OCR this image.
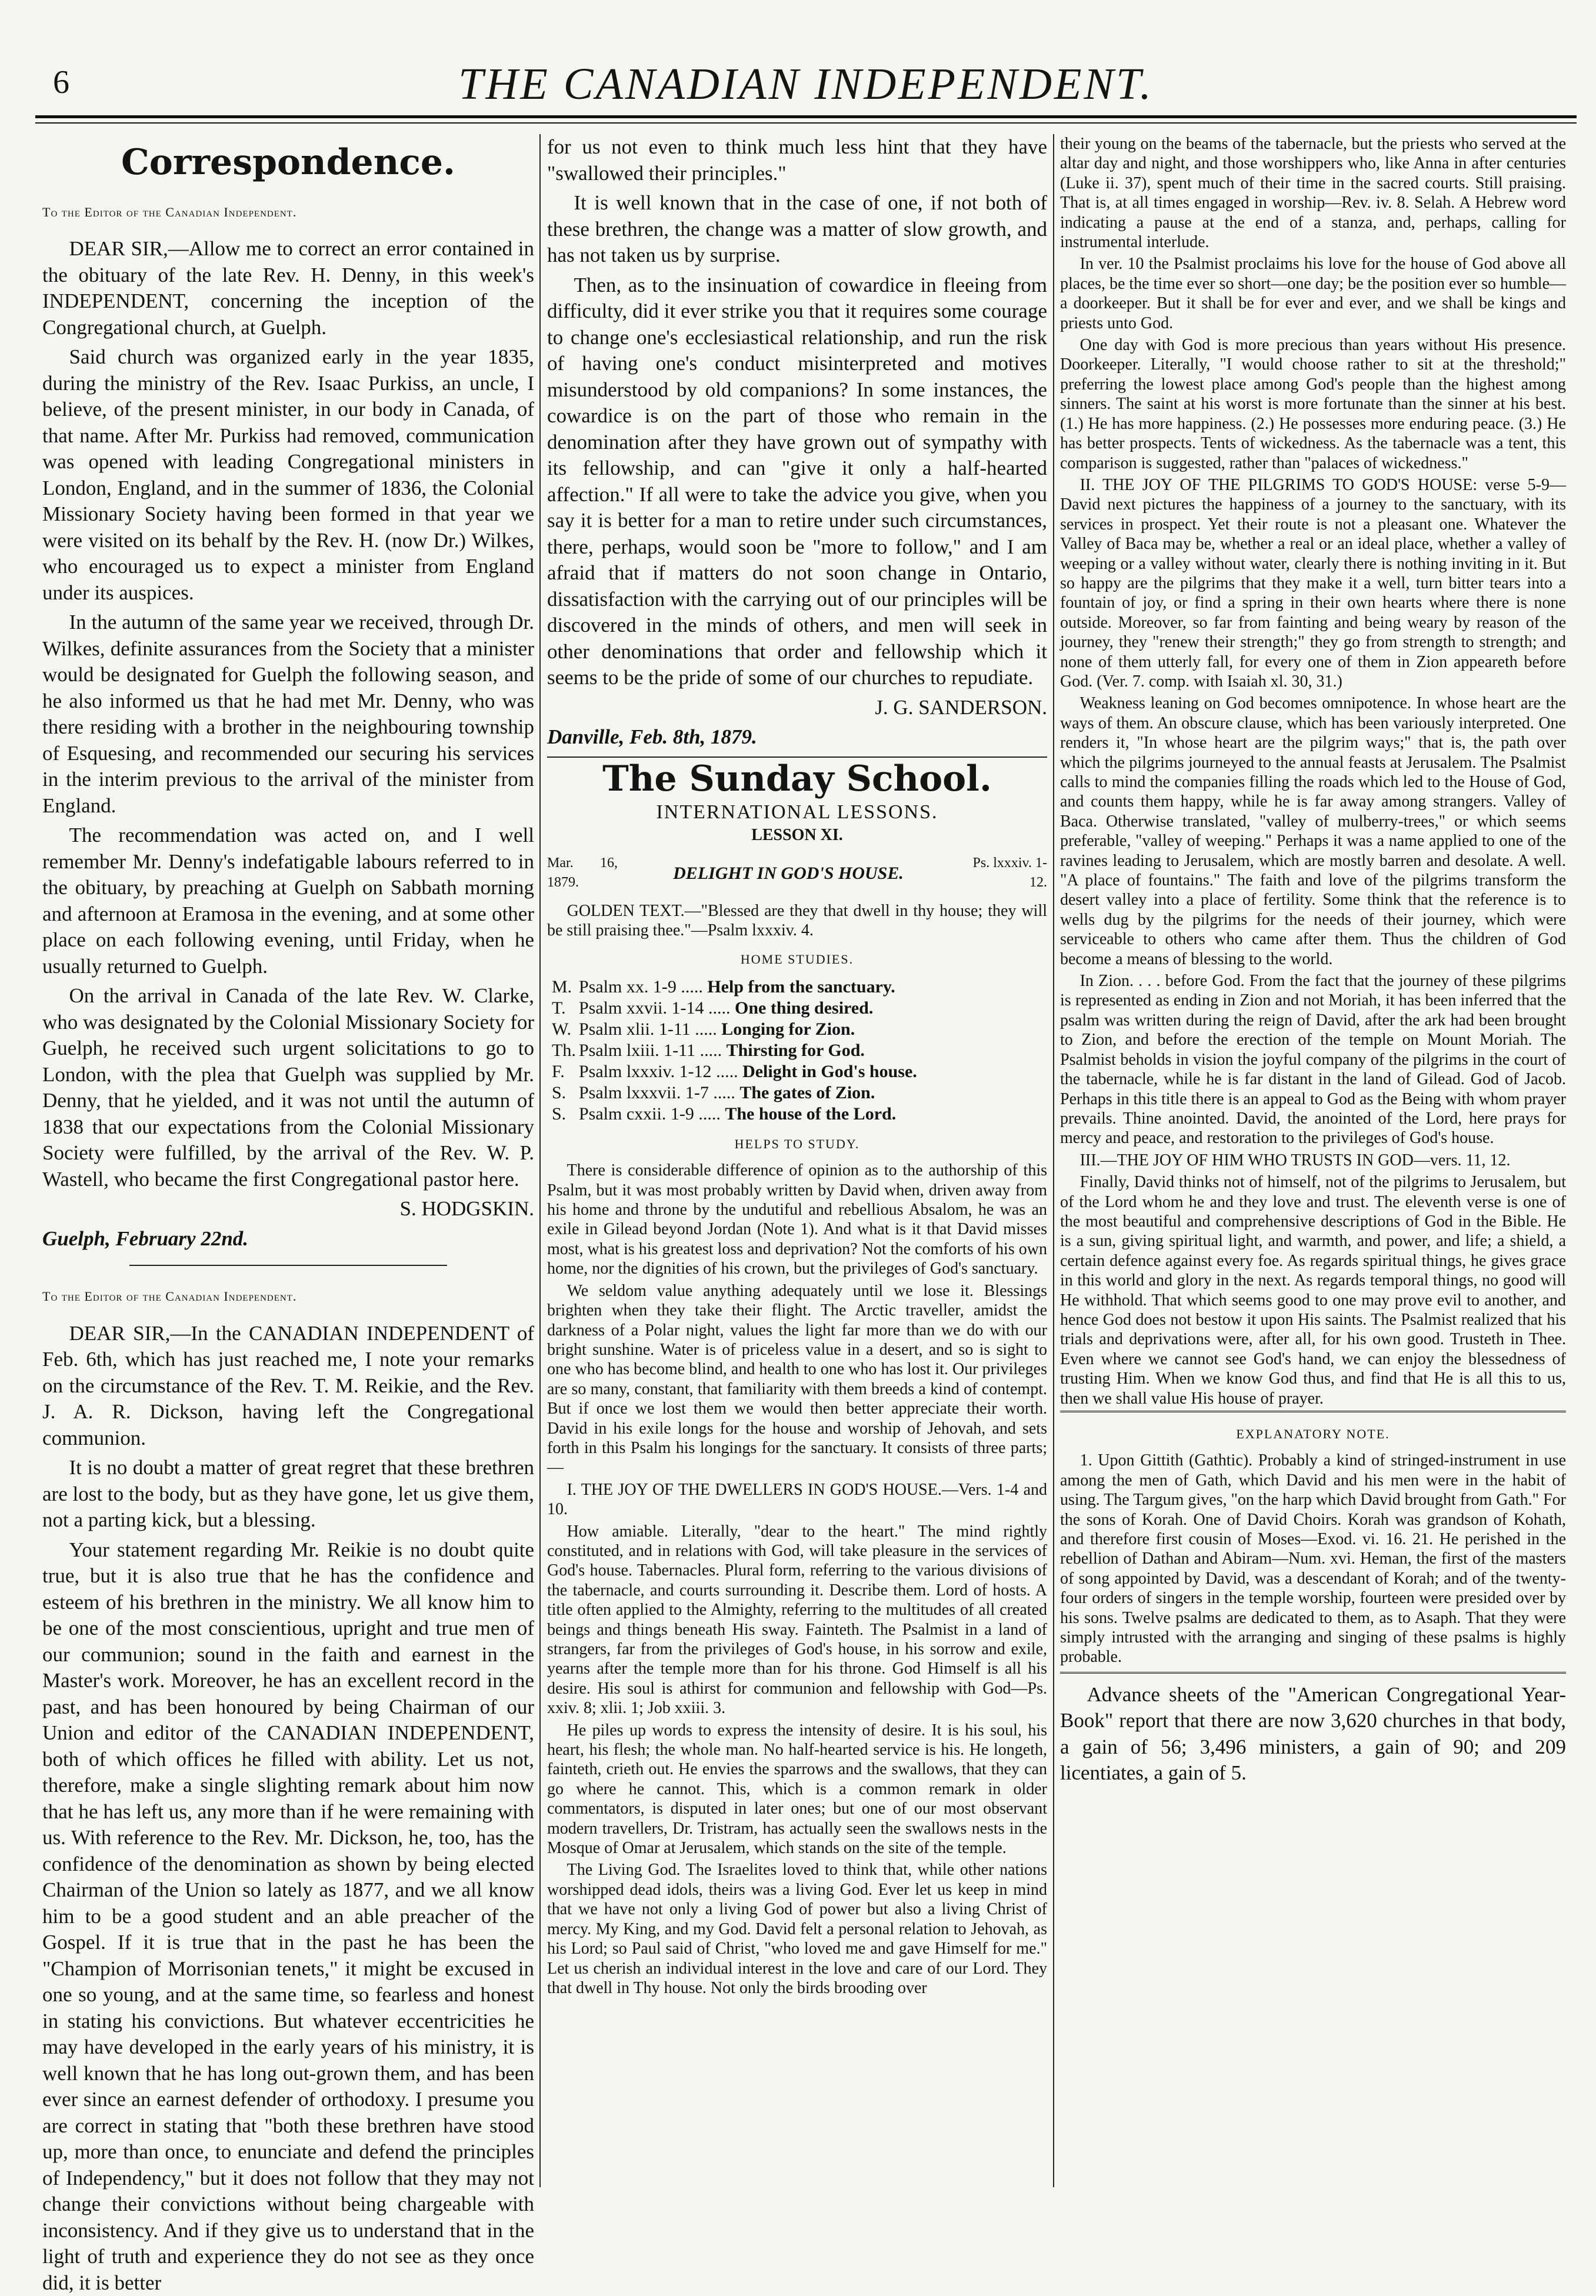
6	THE CANADIAN INDEPENDENT.
Correspondence.
To the Editor of the Canadian Independent.

DEAR SIR,—Allow me to correct an error contained in the obituary of the late Rev. H. Denny, in this week's INDEPENDENT, concerning the inception of the Congregational church, at Guelph.

Said church was organized early in the year 1835, during the ministry of the Rev. Isaac Purkiss, an uncle, I believe, of the present minister, in our body in Canada, of that name. After Mr. Purkiss had removed, communication was opened with leading Congregational ministers in London, England, and in the summer of 1836, the Colonial Missionary Society having been formed in that year we were visited on its behalf by the Rev. H. (now Dr.) Wilkes, who encouraged us to expect a minister from England under its auspices.

In the autumn of the same year we received, through Dr. Wilkes, definite assurances from the Society that a minister would be designated for Guelph the following season, and he also informed us that he had met Mr. Denny, who was there residing with a brother in the neighbouring township of Esquesing, and recommended our securing his services in the interim previous to the arrival of the minister from England.

The recommendation was acted on, and I well remember Mr. Denny's indefatigable labours referred to in the obituary, by preaching at Guelph on Sabbath morning and afternoon at Eramosa in the evening, and at some other place on each following evening, until Friday, when he usually returned to Guelph.

On the arrival in Canada of the late Rev. W. Clarke, who was designated by the Colonial Missionary Society for Guelph, he received such urgent solicitations to go to London, with the plea that Guelph was supplied by Mr. Denny, that he yielded, and it was not until the autumn of 1838 that our expectations from the Colonial Missionary Society were fulfilled, by the arrival of the Rev. W. P. Wastell, who became the first Congregational pastor here.

S. HODGSKIN.

Guelph, February 22nd.

To the Editor of the Canadian Independent.

DEAR SIR,—In the CANADIAN INDEPENDENT of Feb. 6th, which has just reached me, I note your remarks on the circumstance of the Rev. T. M. Reikie, and the Rev. J. A. R. Dickson, having left the Congregational communion.

It is no doubt a matter of great regret that these brethren are lost to the body, but as they have gone, let us give them, not a parting kick, but a blessing.

Your statement regarding Mr. Reikie is no doubt quite true, but it is also true that he has the confidence and esteem of his brethren in the ministry. We all know him to be one of the most conscientious, upright and true men of our communion; sound in the faith and earnest in the Master's work. Moreover, he has an excellent record in the past, and has been honoured by being Chairman of our Union and editor of the CANADIAN INDEPENDENT, both of which offices he filled with ability. Let us not, therefore, make a single slighting remark about him now that he has left us, any more than if he were remaining with us. With reference to the Rev. Mr. Dickson, he, too, has the confidence of the denomination as shown by being elected Chairman of the Union so lately as 1877, and we all know him to be a good student and an able preacher of the Gospel. If it is true that in the past he has been the "Champion of Morrisonian tenets," it might be excused in one so young, and at the same time, so fearless and honest in stating his convictions. But whatever eccentricities he may have developed in the early years of his ministry, it is well known that he has long out-grown them, and has been ever since an earnest defender of orthodoxy. I presume you are correct in stating that "both these brethren have stood up, more than once, to enunciate and defend the principles of Independency," but it does not follow that they may not change their convictions without being chargeable with inconsistency. And if they give us to understand that in the light of truth and experience they do not see as they once did, it is better

for us not even to think much less hint that they have "swallowed their principles."

It is well known that in the case of one, if not both of these brethren, the change was a matter of slow growth, and has not taken us by surprise.

Then, as to the insinuation of cowardice in fleeing from difficulty, did it ever strike you that it requires some courage to change one's ecclesiastical relationship, and run the risk of having one's conduct misinterpreted and motives misunderstood by old companions? In some instances, the cowardice is on the part of those who remain in the denomination after they have grown out of sympathy with its fellowship, and can "give it only a half-hearted affection." If all were to take the advice you give, when you say it is better for a man to retire under such circumstances, there, perhaps, would soon be "more to follow," and I am afraid that if matters do not soon change in Ontario, dissatisfaction with the carrying out of our principles will be discovered in the minds of others, and men will seek in other denominations that order and fellowship which it seems to be the pride of some of our churches to repudiate.

J. G. SANDERSON.

Danville, Feb. 8th, 1879.

The Sunday School.
INTERNATIONAL LESSONS.
LESSON XI.
Mar. 16, 1879.	DELIGHT IN GOD'S HOUSE.
Ps. lxxxiv. 1-12.

GOLDEN TEXT.—"Blessed are they that dwell in thy house; they will be still praising thee."—Psalm lxxxiv. 4.

HOME STUDIES.
M. Psalm xx. 1-9 ..... Help from the sanctuary.
T. Psalm xxvii. 1-14 ..... One thing desired.
W. Psalm xlii. 1-11 ..... Longing for Zion.
Th. Psalm lxiii. 1-11 ..... Thirsting for God.
F. Psalm lxxxiv. 1-12 ..... Delight in God's house.
S. Psalm lxxxvii. 1-7 ..... The gates of Zion.
S. Psalm cxxii. 1-9 ..... The house of the Lord.
HELPS TO STUDY.

There is considerable difference of opinion as to the authorship of this Psalm, but it was most probably written by David when, driven away from his home and throne by the undutiful and rebellious Absalom, he was an exile in Gilead beyond Jordan (Note 1). And what is it that David misses most, what is his greatest loss and deprivation? Not the comforts of his own home, nor the dignities of his crown, but the privileges of God's sanctuary.

We seldom value anything adequately until we lose it. Blessings brighten when they take their flight. The Arctic traveller, amidst the darkness of a Polar night, values the light far more than we do with our bright sunshine. Water is of priceless value in a desert, and so is sight to one who has become blind, and health to one who has lost it. Our privileges are so many, constant, that familiarity with them breeds a kind of contempt. But if once we lost them we would then better appreciate their worth. David in his exile longs for the house and worship of Jehovah, and sets forth in this Psalm his longings for the sanctuary. It consists of three parts;—

I. THE JOY OF THE DWELLERS IN GOD'S HOUSE.—Vers. 1-4 and 10.

How amiable. Literally, "dear to the heart." The mind rightly constituted, and in relations with God, will take pleasure in the services of God's house. Tabernacles. Plural form, referring to the various divisions of the tabernacle, and courts surrounding it. Describe them. Lord of hosts. A title often applied to the Almighty, referring to the multitudes of all created beings and things beneath His sway. Fainteth. The Psalmist in a land of strangers, far from the privileges of God's house, in his sorrow and exile, yearns after the temple more than for his throne. God Himself is all his desire. His soul is athirst for communion and fellowship with God—Ps. xxiv. 8; xlii. 1; Job xxiii. 3.

He piles up words to express the intensity of desire. It is his soul, his heart, his flesh; the whole man. No half-hearted service is his. He longeth, fainteth, crieth out. He envies the sparrows and the swallows, that they can go where he cannot. This, which is a common remark in older commentators, is disputed in later ones; but one of our most observant modern travellers, Dr. Tristram, has actually seen the swallows nests in the Mosque of Omar at Jerusalem, which stands on the site of the temple.

The Living God. The Israelites loved to think that, while other nations worshipped dead idols, theirs was a living God. Ever let us keep in mind that we have not only a living God of power but also a living Christ of mercy. My King, and my God. David felt a personal relation to Jehovah, as his Lord; so Paul said of Christ, "who loved me and gave Himself for me." Let us cherish an individual interest in the love and care of our Lord. They that dwell in Thy house. Not only the birds brooding over

their young on the beams of the tabernacle, but the priests who served at the altar day and night, and those worshippers who, like Anna in after centuries (Luke ii. 37), spent much of their time in the sacred courts. Still praising. That is, at all times engaged in worship—Rev. iv. 8. Selah. A Hebrew word indicating a pause at the end of a stanza, and, perhaps, calling for instrumental interlude.

In ver. 10 the Psalmist proclaims his love for the house of God above all places, be the time ever so short—one day; be the position ever so humble—a doorkeeper. But it shall be for ever and ever, and we shall be kings and priests unto God.

One day with God is more precious than years without His presence. Doorkeeper. Literally, "I would choose rather to sit at the threshold;" preferring the lowest place among God's people than the highest among sinners. The saint at his worst is more fortunate than the sinner at his best. (1.) He has more happiness. (2.) He possesses more enduring peace. (3.) He has better prospects. Tents of wickedness. As the tabernacle was a tent, this comparison is suggested, rather than "palaces of wickedness."

II. THE JOY OF THE PILGRIMS TO GOD'S HOUSE: verse 5-9—David next pictures the happiness of a journey to the sanctuary, with its services in prospect. Yet their route is not a pleasant one. Whatever the Valley of Baca may be, whether a real or an ideal place, whether a valley of weeping or a valley without water, clearly there is nothing inviting in it. But so happy are the pilgrims that they make it a well, turn bitter tears into a fountain of joy, or find a spring in their own hearts where there is none outside. Moreover, so far from fainting and being weary by reason of the journey, they "renew their strength;" they go from strength to strength; and none of them utterly fall, for every one of them in Zion appeareth before God. (Ver. 7. comp. with Isaiah xl. 30, 31.)

Weakness leaning on God becomes omnipotence. In whose heart are the ways of them. An obscure clause, which has been variously interpreted. One renders it, "In whose heart are the pilgrim ways;" that is, the path over which the pilgrims journeyed to the annual feasts at Jerusalem. The Psalmist calls to mind the companies filling the roads which led to the House of God, and counts them happy, while he is far away among strangers. Valley of Baca. Otherwise translated, "valley of mulberry-trees," or which seems preferable, "valley of weeping." Perhaps it was a name applied to one of the ravines leading to Jerusalem, which are mostly barren and desolate. A well. "A place of fountains." The faith and love of the pilgrims transform the desert valley into a place of fertility. Some think that the reference is to wells dug by the pilgrims for the needs of their journey, which were serviceable to others who came after them. Thus the children of God become a means of blessing to the world.

In Zion. . . . before God. From the fact that the journey of these pilgrims is represented as ending in Zion and not Moriah, it has been inferred that the psalm was written during the reign of David, after the ark had been brought to Zion, and before the erection of the temple on Mount Moriah. The Psalmist beholds in vision the joyful company of the pilgrims in the court of the tabernacle, while he is far distant in the land of Gilead. God of Jacob. Perhaps in this title there is an appeal to God as the Being with whom prayer prevails. Thine anointed. David, the anointed of the Lord, here prays for mercy and peace, and restoration to the privileges of God's house.

III.—THE JOY OF HIM WHO TRUSTS IN GOD—vers. 11, 12.

Finally, David thinks not of himself, not of the pilgrims to Jerusalem, but of the Lord whom he and they love and trust. The eleventh verse is one of the most beautiful and comprehensive descriptions of God in the Bible. He is a sun, giving spiritual light, and warmth, and power, and life; a shield, a certain defence against every foe. As regards spiritual things, he gives grace in this world and glory in the next. As regards temporal things, no good will He withhold. That which seems good to one may prove evil to another, and hence God does not bestow it upon His saints. The Psalmist realized that his trials and deprivations were, after all, for his own good. Trusteth in Thee. Even where we cannot see God's hand, we can enjoy the blessedness of trusting Him. When we know God thus, and find that He is all this to us, then we shall value His house of prayer.

EXPLANATORY NOTE.

1. Upon Gittith (Gathtic). Probably a kind of stringed-instrument in use among the men of Gath, which David and his men were in the habit of using. The Targum gives, "on the harp which David brought from Gath." For the sons of Korah. One of David Choirs. Korah was grandson of Kohath, and therefore first cousin of Moses—Exod. vi. 16. 21. He perished in the rebellion of Dathan and Abiram—Num. xvi. Heman, the first of the masters of song appointed by David, was a descendant of Korah; and of the twenty-four orders of singers in the temple worship, fourteen were presided over by his sons. Twelve psalms are dedicated to them, as to Asaph. That they were simply intrusted with the arranging and singing of these psalms is highly probable.

Advance sheets of the "American Congregational Year-Book" report that there are now 3,620 churches in that body, a gain of 56; 3,496 ministers, a gain of 90; and 209 licentiates, a gain of 5.
